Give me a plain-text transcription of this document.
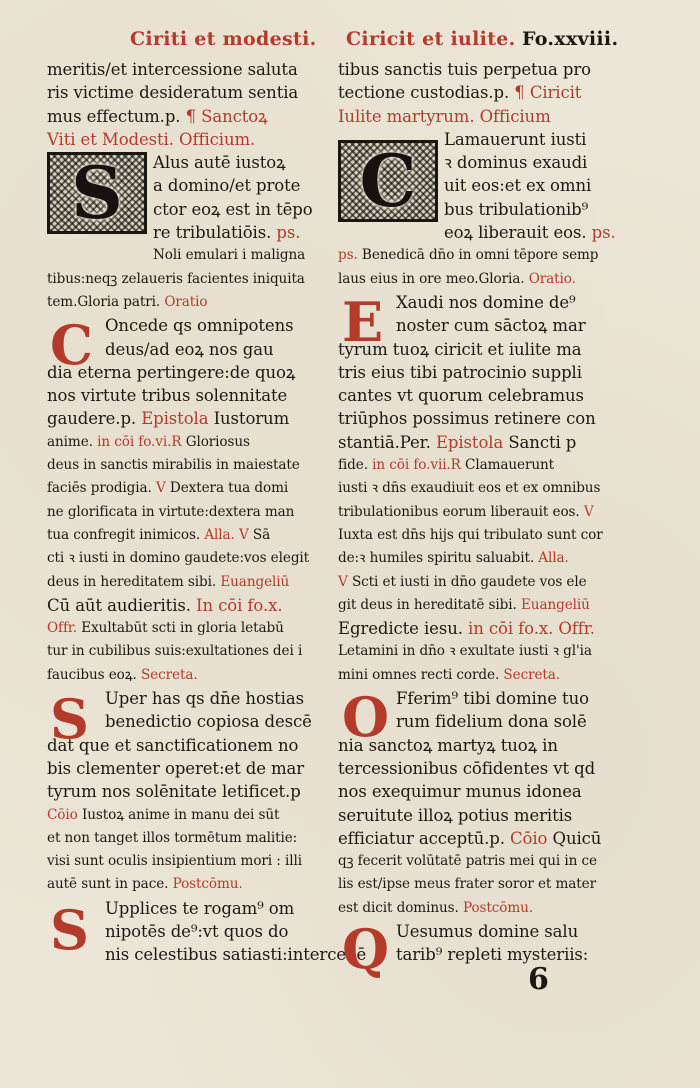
Ciriti et modesti. Ciricit et iulite. Fo.xxviii.
meritis/et intercessione saluta
ris victime desideratum sentia
mus effectum.p. ¶ Sanctoꝝ
Viti et Modesti. Officium.
Alus autē iustoꝝ
a domino/et prote
ctor eoꝝ est in tēpo
re tribulatiōis. ps.
Noli emulari i maligna
tibus:neqꝫ zelaueris facientes iniquita
tem.Gloria patri. Oratio
Oncede qs omnipotens
deus/ad eoꝝ nos gau
dia eterna pertingere:de quoꝝ
nos virtute tribus solennitate
gaudere.p. Epistola Iustorum
anime. in cōi fo.vi.R Gloriosus
deus in sanctis mirabilis in maiestate
faciēs prodigia. V Dextera tua domi
ne glorificata in virtute:dextera man
tua confregit inimicos. Alla. V Sā
cti ꝛ iusti in domino gaudete:vos elegit
deus in hereditatem sibi. Euangeliū
Cū aūt audieritis. In cōi fo.x.
Offr. Exultabūt scti in gloria letabū
tur in cubilibus suis:exultationes dei i
faucibus eoꝝ. Secreta.
Uper has qs dn̄e hostias
benedictio copiosa descē
dat que et sanctificationem no
bis clementer operet:et de mar
tyrum nos solēnitate letificet.p
Cōio Iustoꝝ anime in manu dei sūt
et non tanget illos tormētum malitie:
visi sunt oculis insipientium mori : illi
autē sunt in pace. Postcōmu.
Upplices te rogam⁹ om
nipotēs de⁹:vt quos do
nis celestibus satiasti:intercedē
tibus sanctis tuis perpetua pro
tectione custodias.p. ¶ Ciricit
Iulite martyrum. Officium
Lamauerunt iusti
ꝛ dominus exaudi
uit eos:et ex omni
bus tribulationib⁹
eoꝝ liberauit eos. ps.
ps. Benedicā dn̄o in omni tēpore semp
laus eius in ore meo.Gloria. Oratio.
Xaudi nos domine de⁹
noster cum sāctoꝝ mar
tyrum tuoꝝ ciricit et iulite ma
tris eius tibi patrocinio suppli
cantes vt quorum celebramus
triūphos possimus retinere con
stantiā.Per. Epistola Sancti p
fide. in cōi fo.vii.R Clamauerunt
iusti ꝛ dn̄s exaudiuit eos et ex omnibus
tribulationibus eorum liberauit eos. V
Iuxta est dn̄s hijs qui tribulato sunt cor
de:ꝛ humiles spiritu saluabit. Alla.
V Scti et iusti in dn̄o gaudete vos ele
git deus in hereditatē sibi. Euangeliū
Egredicte iesu. in cōi fo.x. Offr.
Letamini in dn̄o ꝛ exultate iusti ꝛ gl'ia
mini omnes recti corde. Secreta.
Fferim⁹ tibi domine tuo
rum fidelium dona solē
nia sanctoꝝ martyꝝ tuoꝝ in
tercessionibus cōfidentes vt qd
nos exequimur munus idonea
seruitute illoꝝ potius meritis
efficiatur acceptū.p. Cōio Quicū
qꝫ fecerit volūtatē patris mei qui in ce
lis est/ipse meus frater soror et mater
est dicit dominus. Postcōmu.
Uesumus domine salu
tarib⁹ repleti mysteriis:
S	C
C
S
S
E
O
Q	6
